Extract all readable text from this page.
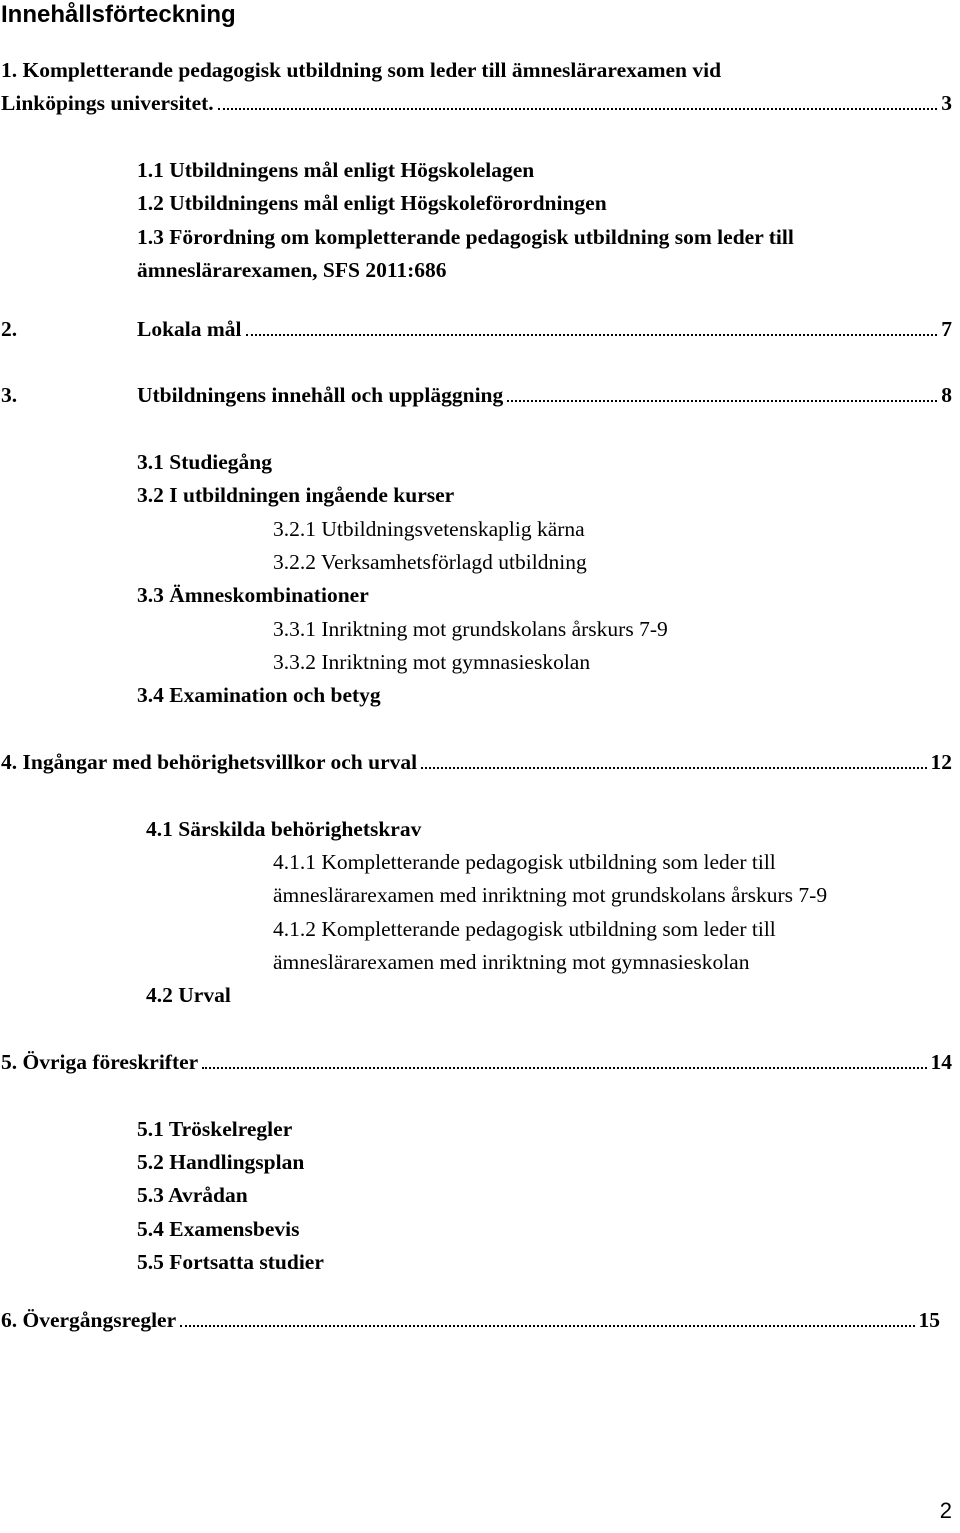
Innehållsförteckning
1. Kompletterande pedagogisk utbildning som leder till ämneslärarexamen vid
Linköpings universitet.	3
1.1 Utbildningens mål enligt Högskolelagen
1.2 Utbildningens mål enligt Högskoleförordningen
1.3 Förordning om kompletterande pedagogisk utbildning som leder till
ämneslärarexamen, SFS 2011:686
2.	Lokala mål	7
3.	Utbildningens innehåll och uppläggning	8
3.1 Studiegång
3.2 I utbildningen ingående kurser
3.2.1 Utbildningsvetenskaplig kärna
3.2.2 Verksamhetsförlagd utbildning
3.3 Ämneskombinationer
3.3.1 Inriktning mot grundskolans årskurs 7-9
3.3.2 Inriktning mot gymnasieskolan
3.4 Examination och betyg
4. Ingångar med behörighetsvillkor och urval	12
4.1 Särskilda behörighetskrav
4.1.1 Kompletterande pedagogisk utbildning som leder till
ämneslärarexamen med inriktning mot grundskolans årskurs 7-9
4.1.2 Kompletterande pedagogisk utbildning som leder till
ämneslärarexamen med inriktning mot gymnasieskolan
4.2 Urval
5. Övriga föreskrifter	14
5.1 Tröskelregler
5.2 Handlingsplan
5.3 Avrådan
5.4 Examensbevis
5.5 Fortsatta studier
6. Övergångsregler	15
2
